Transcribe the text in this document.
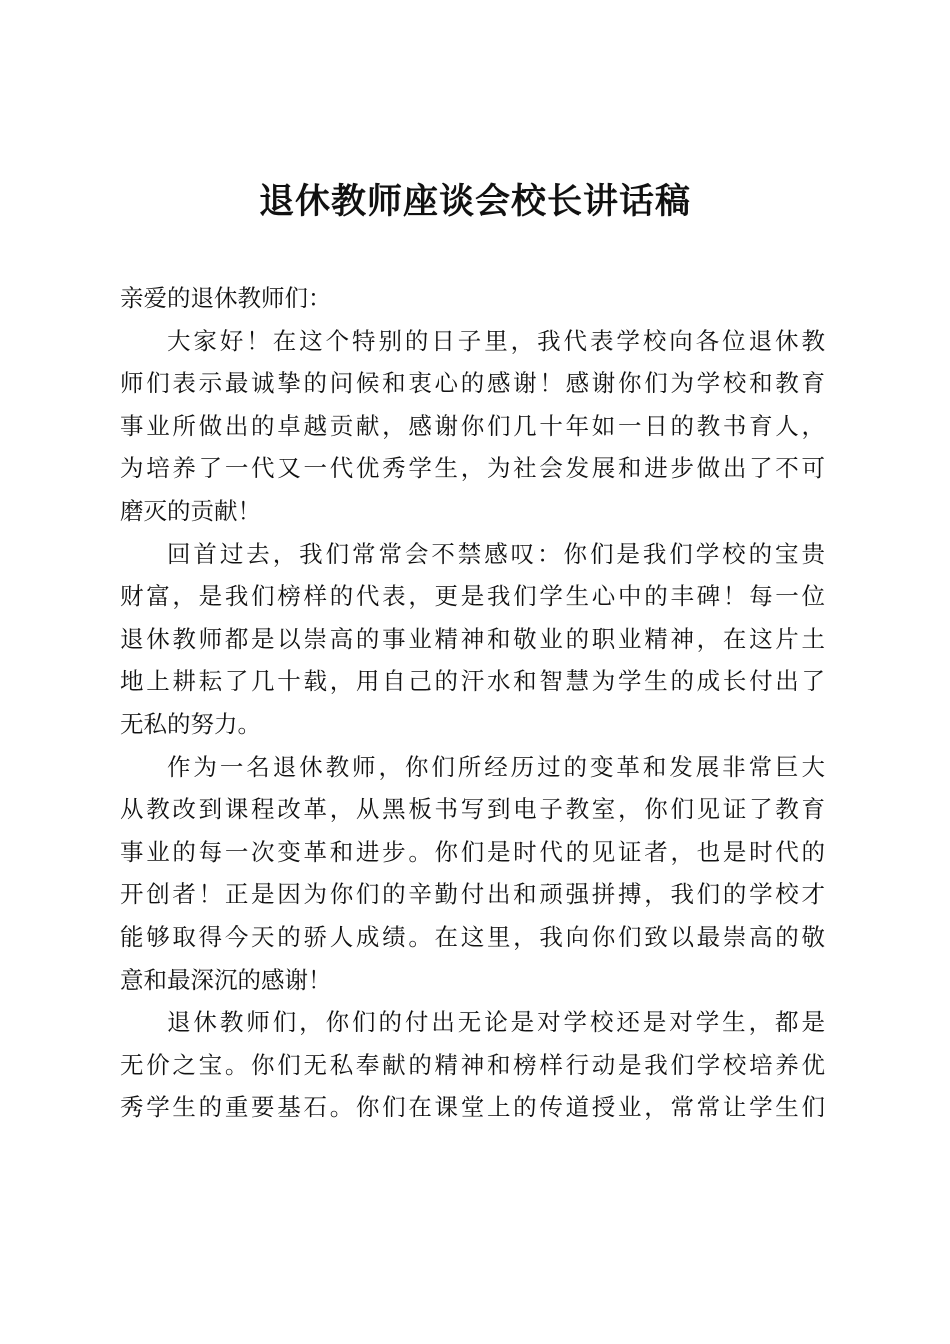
退休教师座谈会校长讲话稿
亲爱的退休教师们：
大家好！在这个特别的日子里，我代表学校向各位退休教
师们表示最诚挚的问候和衷心的感谢！感谢你们为学校和教育
事业所做出的卓越贡献，感谢你们几十年如一日的教书育人，
为培养了一代又一代优秀学生，为社会发展和进步做出了不可
磨灭的贡献！
回首过去，我们常常会不禁感叹：你们是我们学校的宝贵
财富，是我们榜样的代表，更是我们学生心中的丰碑！每一位
退休教师都是以崇高的事业精神和敬业的职业精神，在这片土
地上耕耘了几十载，用自己的汗水和智慧为学生的成长付出了
无私的努力。
作为一名退休教师，你们所经历过的变革和发展非常巨大
从教改到课程改革，从黑板书写到电子教室，你们见证了教育
事业的每一次变革和进步。你们是时代的见证者，也是时代的
开创者！正是因为你们的辛勤付出和顽强拼搏，我们的学校才
能够取得今天的骄人成绩。在这里，我向你们致以最崇高的敬
意和最深沉的感谢！
退休教师们，你们的付出无论是对学校还是对学生，都是
无价之宝。你们无私奉献的精神和榜样行动是我们学校培养优
秀学生的重要基石。你们在课堂上的传道授业，常常让学生们
